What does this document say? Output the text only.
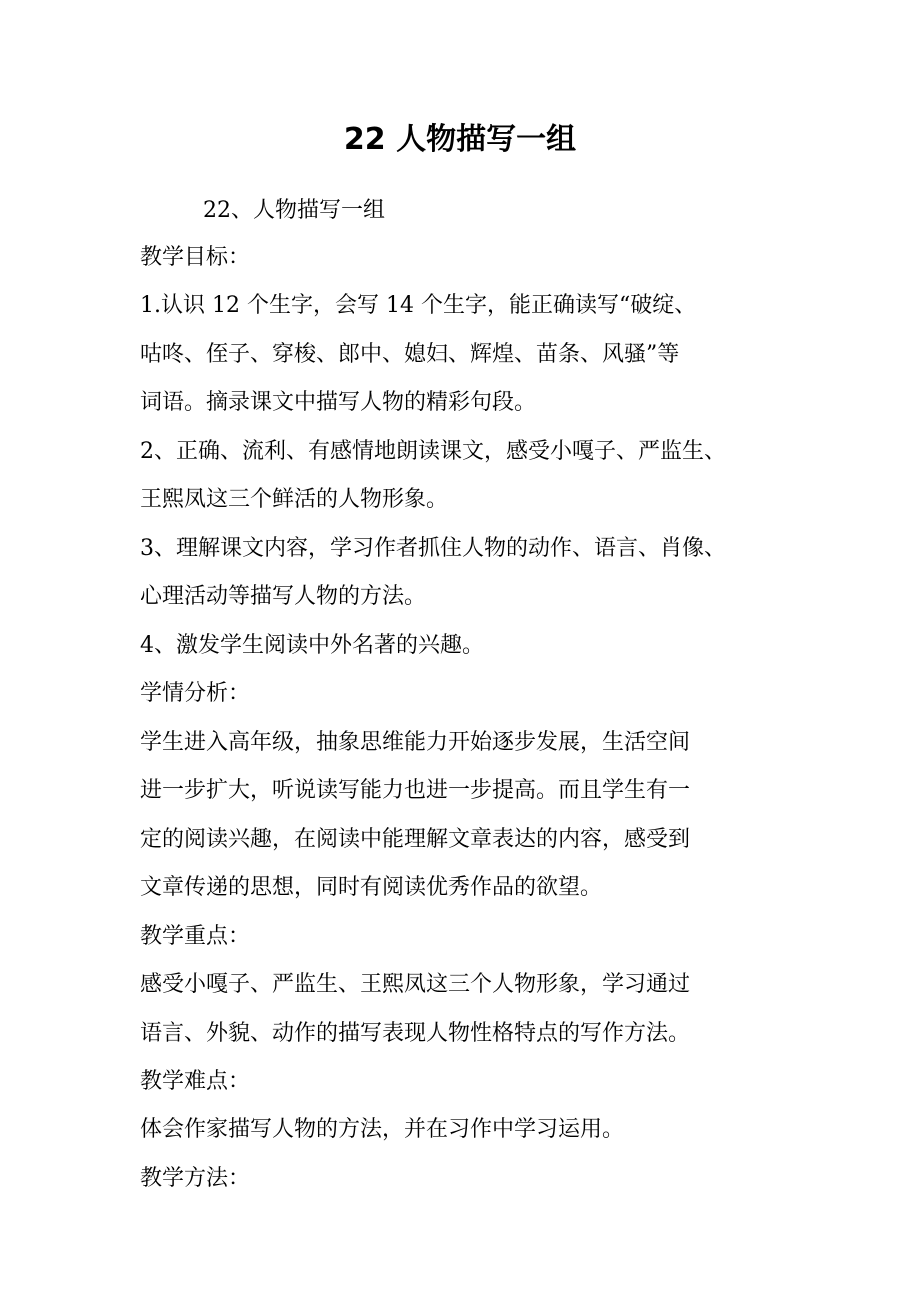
22 人物描写一组

22、人物描写一组

教学目标：

1.认识 12 个生字，会写 14 个生字，能正确读写“破绽、

咕咚、侄子、穿梭、郎中、媳妇、辉煌、苗条、风骚”等

词语。摘录课文中描写人物的精彩句段。

2、正确、流利、有感情地朗读课文，感受小嘎子、严监生、

王熙凤这三个鲜活的人物形象。

3、理解课文内容，学习作者抓住人物的动作、语言、肖像、

心理活动等描写人物的方法。

4、激发学生阅读中外名著的兴趣。

学情分析：

学生进入高年级，抽象思维能力开始逐步发展，生活空间

进一步扩大，听说读写能力也进一步提高。而且学生有一

定的阅读兴趣，在阅读中能理解文章表达的内容，感受到

文章传递的思想，同时有阅读优秀作品的欲望。

教学重点：

感受小嘎子、严监生、王熙凤这三个人物形象，学习通过

语言、外貌、动作的描写表现人物性格特点的写作方法。

教学难点：

体会作家描写人物的方法，并在习作中学习运用。

教学方法：
